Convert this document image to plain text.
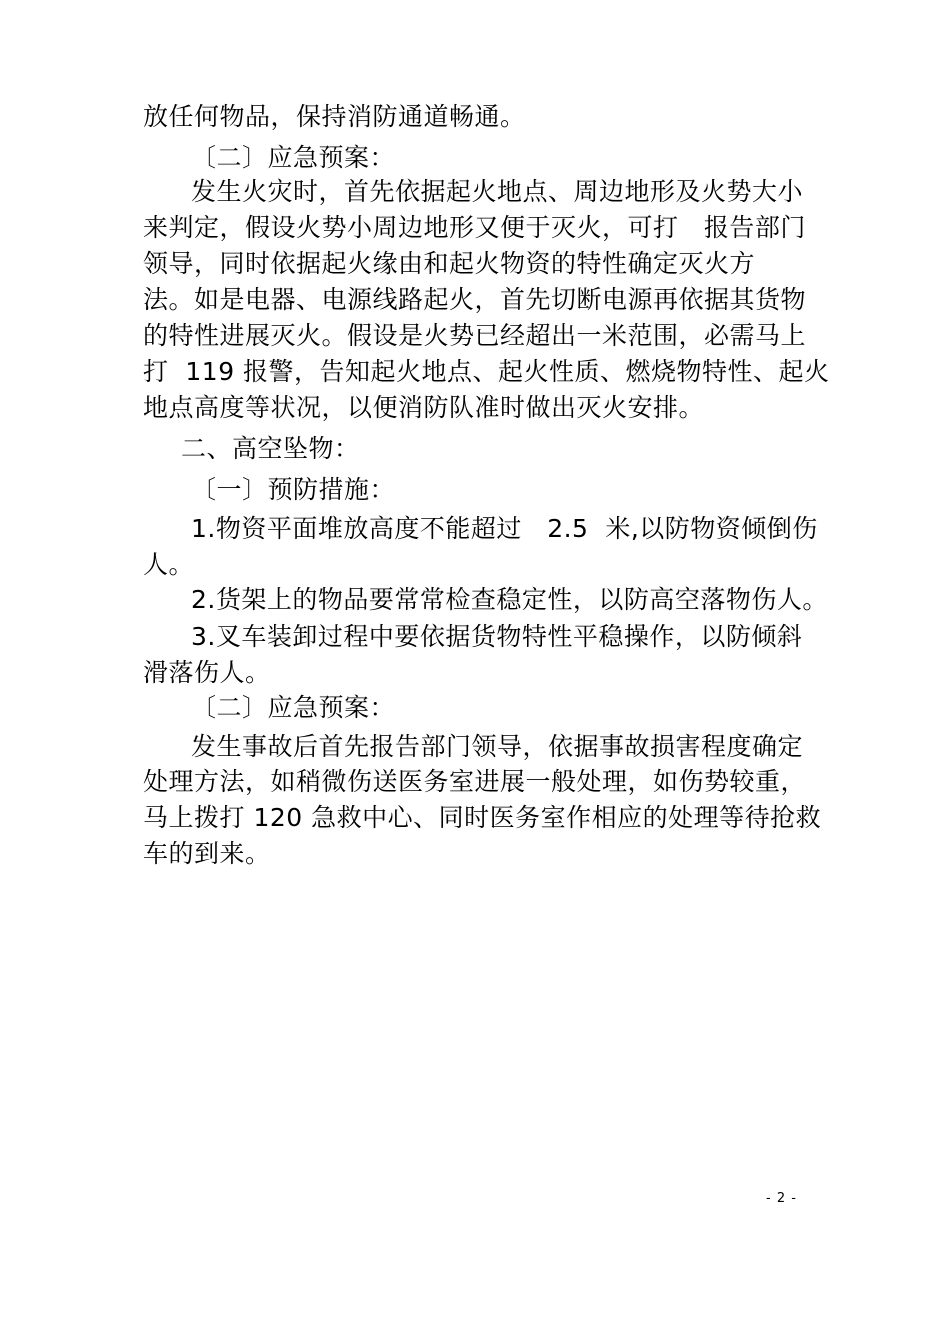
放任何物品，保持消防通道畅通。
〔二〕应急预案：
发生火灾时，首先依据起火地点、周边地形及火势大小
来判定，假设火势小周边地形又便于灭火，可打   报告部门
领导，同时依据起火缘由和起火物资的特性确定灭火方
法。如是电器、电源线路起火，首先切断电源再依据其货物
的特性进展灭火。假设是火势已经超出一米范围，必需马上
打  119 报警，告知起火地点、起火性质、燃烧物特性、起火
地点高度等状况，以便消防队准时做出灭火安排。
二、高空坠物：
〔一〕预防措施：
1.物资平面堆放高度不能超过   2.5  米,以防物资倾倒伤
人。
2.货架上的物品要常常检查稳定性，以防高空落物伤人。
3.叉车装卸过程中要依据货物特性平稳操作，以防倾斜
滑落伤人。
〔二〕应急预案：
发生事故后首先报告部门领导，依据事故损害程度确定
处理方法，如稍微伤送医务室进展一般处理，如伤势较重，
马上拨打 120 急救中心、同时医务室作相应的处理等待抢救
车的到来。
- 2 -
